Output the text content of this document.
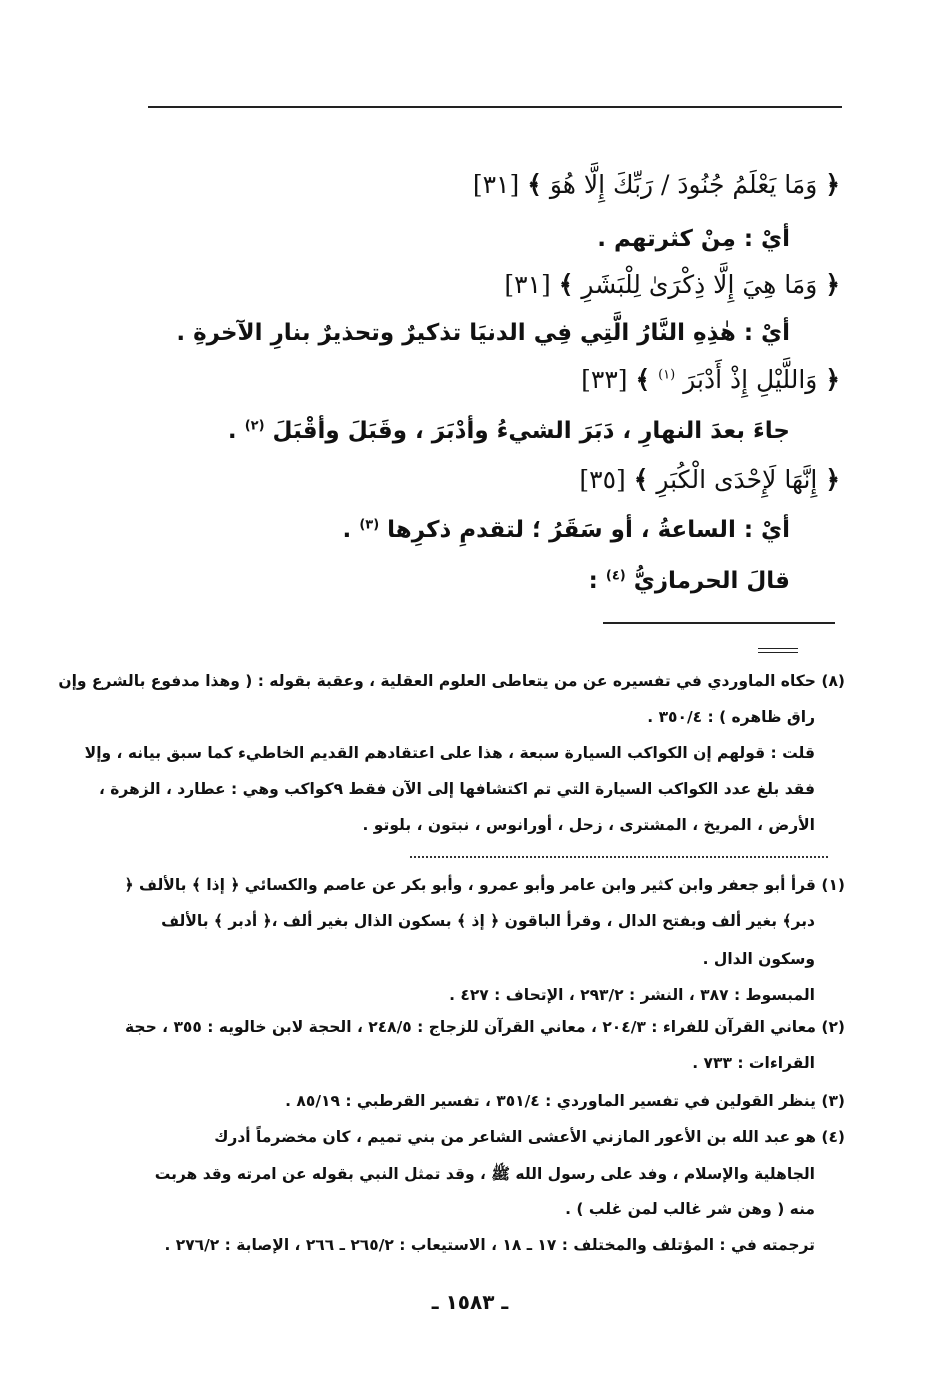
﴿ وَمَا يَعْلَمُ جُنُودَ / رَبِّكَ إِلَّا هُوَ ﴾ [٣١]
أيْ : مِنْ كثرتهم .
﴿ وَمَا هِيَ إِلَّا ذِكْرَىٰ لِلْبَشَرِ ﴾ [٣١]
أيْ : هٰذِهِ النَّارُ الَّتِي فِي الدنيَا تذكيرٌ وتحذيرٌ بنارِ الآخرةِ .
﴿ وَاللَّيْلِ إِذْ أَدْبَرَ $^{(١)}$ ﴾ [٣٣]
جاءَ بعدَ النهارِ ، دَبَرَ الشيءُ وأدْبَرَ ، وقَبَلَ وأقْبَلَ $^{(٢)}$ .
﴿ إِنَّهَا لَإِحْدَى الْكُبَرِ ﴾ [٣٥]
أيْ : الساعةُ ، أو سَقَرُ ؛ لتقدمِ ذكرِها $^{(٣)}$ .
قالَ الحرمازيُّ $^{(٤)}$ :
(٨) حكاه الماوردي في تفسيره عن من يتعاطى العلوم العقلية ، وعقبة بقوله : ( وهذا مدفوع بالشرع وإن
راق ظاهره ) : ٣٥٠/٤ .
قلت : قولهم إن الكواكب السيارة سبعة ، هذا على اعتقادهم القديم الخاطيء كما سبق بيانه ، وإلا
فقد بلغ عدد الكواكب السيارة التي تم اكتشافها إلى الآن فقط ٩كواكب وهي : عطارد ، الزهرة ،
الأرض ، المريخ ، المشترى ، زحل ، أورانوس ، نبتون ، بلوتو .
(١) قرأ أبو جعفر وابن كثير وابن عامر وأبو عمرو ، وأبو بكر عن عاصم والكسائي ﴿ إذا ﴾ بالألف ﴿
دبر﴾ بغير ألف وبفتح الدال ، وقرأ الباقون ﴿ إذ ﴾ بسكون الذال بغير ألف ،﴿ أدبر ﴾ بالألف
وسكون الدال .
المبسوط : ٣٨٧ ، النشر : ٢٩٣/٢ ، الإتحاف : ٤٢٧ .
(٢) معاني القرآن للفراء : ٢٠٤/٣ ، معاني القرآن للزجاج : ٢٤٨/٥ ، الحجة لابن خالويه : ٣٥٥ ، حجة
القراءات : ٧٣٣ .
(٣) ينظر القولين في تفسير الماوردي : ٣٥١/٤ ، تفسير القرطبي : ٨٥/١٩ .
(٤) هو عبد الله بن الأعور المازني الأعشى الشاعر من بني تميم ، كان مخضرماً أدرك
الجاهلية والإسلام ، وفد على رسول الله ﷺ ، وقد تمثل النبي بقوله عن امرته وقد هربت
منه ( وهن شر غالب لمن غلب ) .
ترجمته في : المؤتلف والمختلف : ١٧ ـ ١٨ ، الاستيعاب : ٢٦٥/٢ ـ ٢٦٦ ، الإصابة : ٢٧٦/٢ .
ـ ١٥٨٣ ـ
